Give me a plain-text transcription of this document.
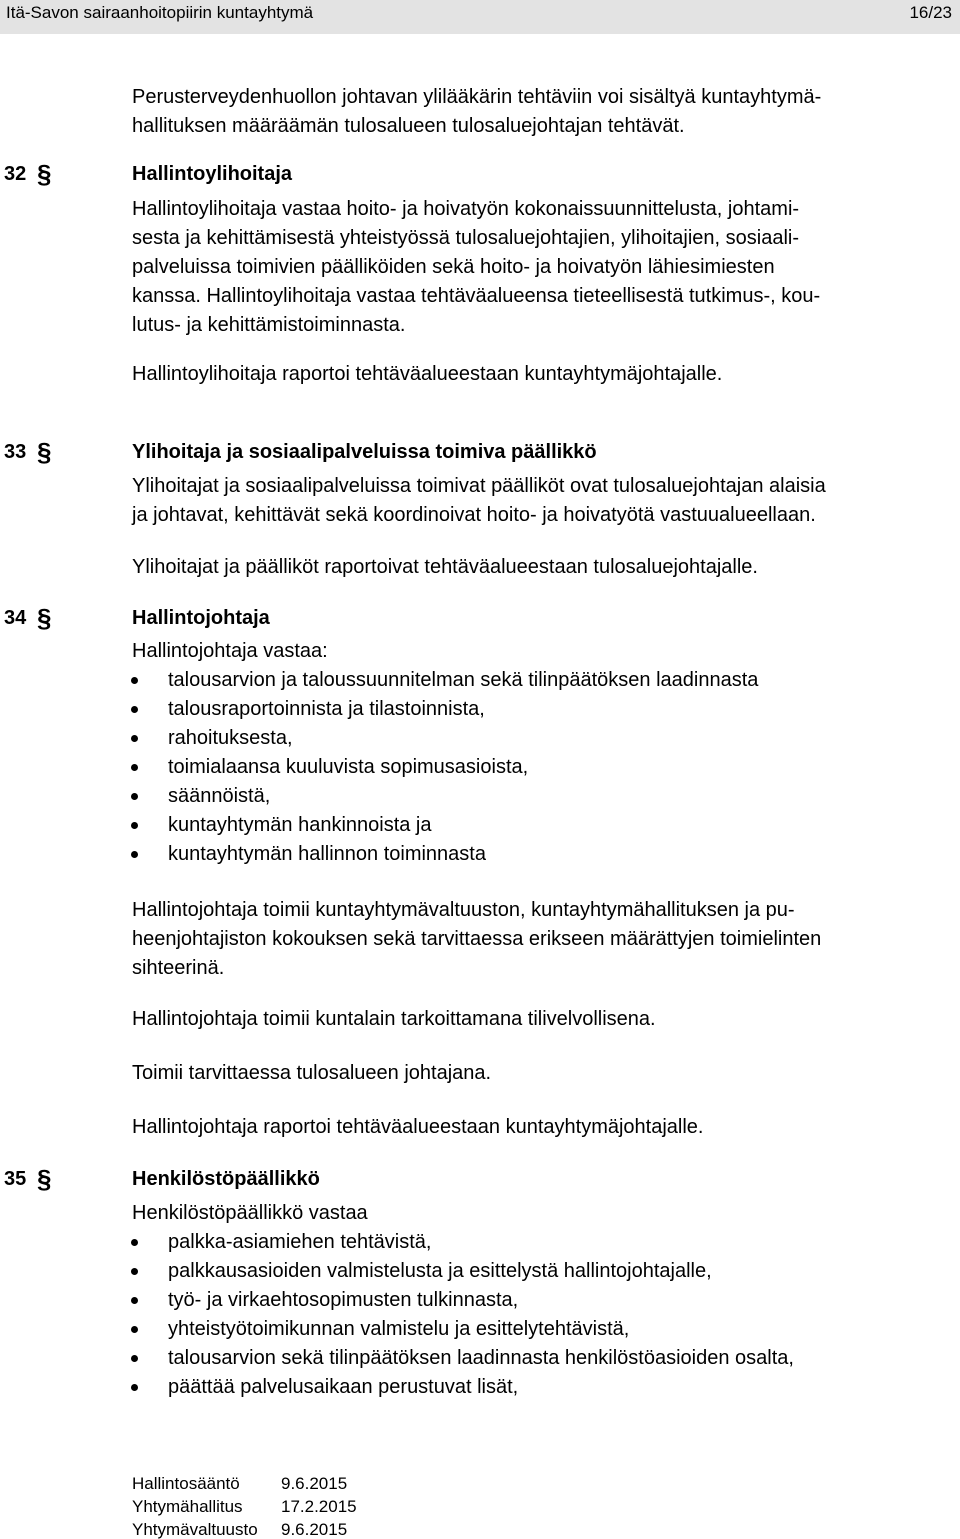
Itä-Savon sairaanhoitopiirin kuntayhtymä	16/23
Perusterveydenhuollon johtavan ylilääkärin tehtäviin voi sisältyä kuntayhtymä-
hallituksen määräämän tulosalueen tulosaluejohtajan tehtävät.
32 §	Hallintoylihoitaja
Hallintoylihoitaja vastaa hoito- ja hoivatyön kokonaissuunnittelusta, johtami-
sesta ja kehittämisestä yhteistyössä tulosaluejohtajien, ylihoitajien, sosiaali-
palveluissa toimivien päälliköiden sekä hoito- ja hoivatyön lähiesimiesten
kanssa. Hallintoylihoitaja vastaa tehtäväalueensa tieteellisestä tutkimus-, kou-
lutus- ja kehittämistoiminnasta.
Hallintoylihoitaja raportoi tehtäväalueestaan kuntayhtymäjohtajalle.
33 §	Ylihoitaja ja sosiaalipalveluissa toimiva päällikkö
Ylihoitajat ja sosiaalipalveluissa toimivat päälliköt ovat tulosaluejohtajan alaisia
ja johtavat, kehittävät sekä koordinoivat hoito- ja hoivatyötä vastuualueellaan.
Ylihoitajat ja päälliköt raportoivat tehtäväalueestaan tulosaluejohtajalle.
34 §	Hallintojohtaja
Hallintojohtaja vastaa:
talousarvion ja taloussuunnitelman sekä tilinpäätöksen laadinnasta
talousraportoinnista ja tilastoinnista,
rahoituksesta,
toimialaansa kuuluvista sopimusasioista,
säännöistä,
kuntayhtymän hankinnoista ja
kuntayhtymän hallinnon toiminnasta
Hallintojohtaja toimii kuntayhtymävaltuuston, kuntayhtymähallituksen ja pu-
heenjohtajiston kokouksen sekä tarvittaessa erikseen määrättyjen toimielinten
sihteerinä.
Hallintojohtaja toimii kuntalain tarkoittamana tilivelvollisena.
Toimii tarvittaessa tulosalueen johtajana.
Hallintojohtaja raportoi tehtäväalueestaan kuntayhtymäjohtajalle.
35 §	Henkilöstöpäällikkö
Henkilöstöpäällikkö vastaa
palkka-asiamiehen tehtävistä,
palkkausasioiden valmistelusta ja esittelystä hallintojohtajalle,
työ- ja virkaehtosopimusten tulkinnasta,
yhteistyötoimikunnan valmistelu ja esittelytehtävistä,
talousarvion sekä tilinpäätöksen laadinnasta henkilöstöasioiden osalta,
päättää palvelusaikaan perustuvat lisät,
Hallintosääntö 9.6.2015
Yhtymähallitus 17.2.2015
Yhtymävaltuusto 9.6.2015
